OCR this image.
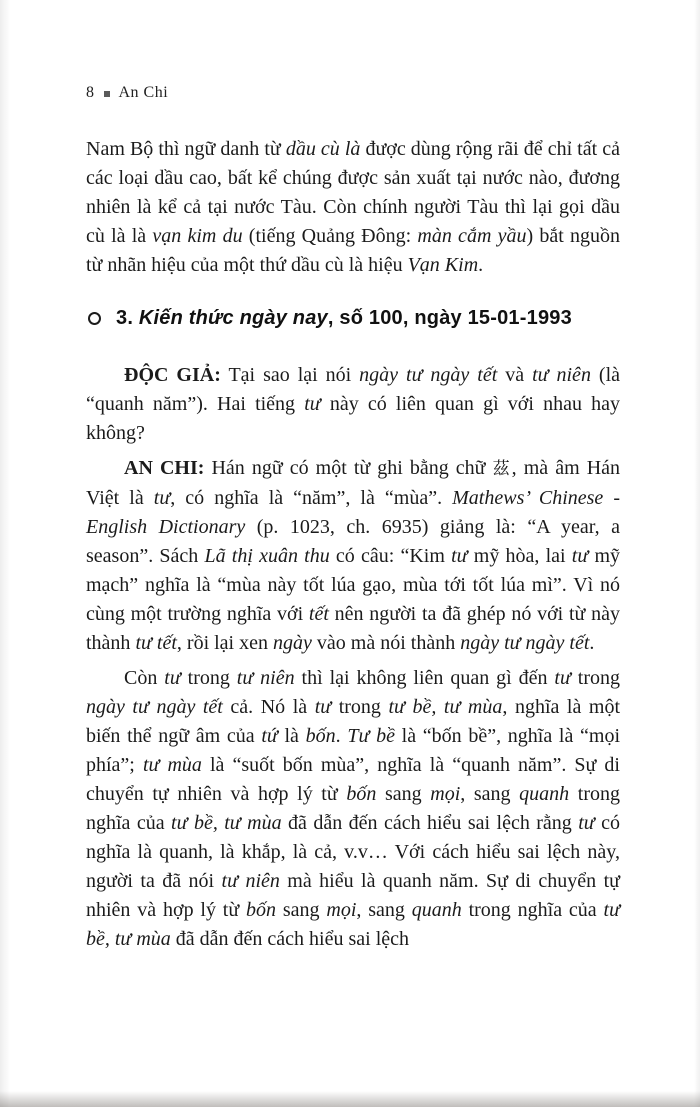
8 An Chi

Nam Bộ thì ngữ danh từ dầu cù là được dùng rộng rãi để chỉ tất cả các loại dầu cao, bất kể chúng được sản xuất tại nước nào, đương nhiên là kể cả tại nước Tàu. Còn chính người Tàu thì lại gọi dầu cù là là vạn kim du (tiếng Quảng Đông: màn cắm yầu) bắt nguồn từ nhãn hiệu của một thứ dầu cù là hiệu Vạn Kim.

3. Kiến thức ngày nay, số 100, ngày 15-01-1993

ĐỘC GIẢ: Tại sao lại nói ngày tư ngày tết và tư niên (là “quanh năm”). Hai tiếng tư này có liên quan gì với nhau hay không?

AN CHI: Hán ngữ có một từ ghi bằng chữ 茲, mà âm Hán Việt là tư, có nghĩa là “năm”, là “mùa”. Mathews’ Chinese - English Dictionary (p. 1023, ch. 6935) giảng là: “A year, a season”. Sách Lã thị xuân thu có câu: “Kim tư mỹ hòa, lai tư mỹ mạch” nghĩa là “mùa này tốt lúa gạo, mùa tới tốt lúa mì”. Vì nó cùng một trường nghĩa với tết nên người ta đã ghép nó với từ này thành tư tết, rồi lại xen ngày vào mà nói thành ngày tư ngày tết.

Còn tư trong tư niên thì lại không liên quan gì đến tư trong ngày tư ngày tết cả. Nó là tư trong tư bề, tư mùa, nghĩa là một biến thể ngữ âm của tứ là bốn. Tư bề là “bốn bề”, nghĩa là “mọi phía”; tư mùa là “suốt bốn mùa”, nghĩa là “quanh năm”. Sự di chuyển tự nhiên và hợp lý từ bốn sang mọi, sang quanh trong nghĩa của tư bề, tư mùa đã dẫn đến cách hiểu sai lệch rằng tư có nghĩa là quanh, là khắp, là cả, v.v… Với cách hiểu sai lệch này, người ta đã nói tư niên mà hiểu là quanh năm. Sự di chuyển tự nhiên và hợp lý từ bốn sang mọi, sang quanh trong nghĩa của tư bề, tư mùa đã dẫn đến cách hiểu sai lệch
